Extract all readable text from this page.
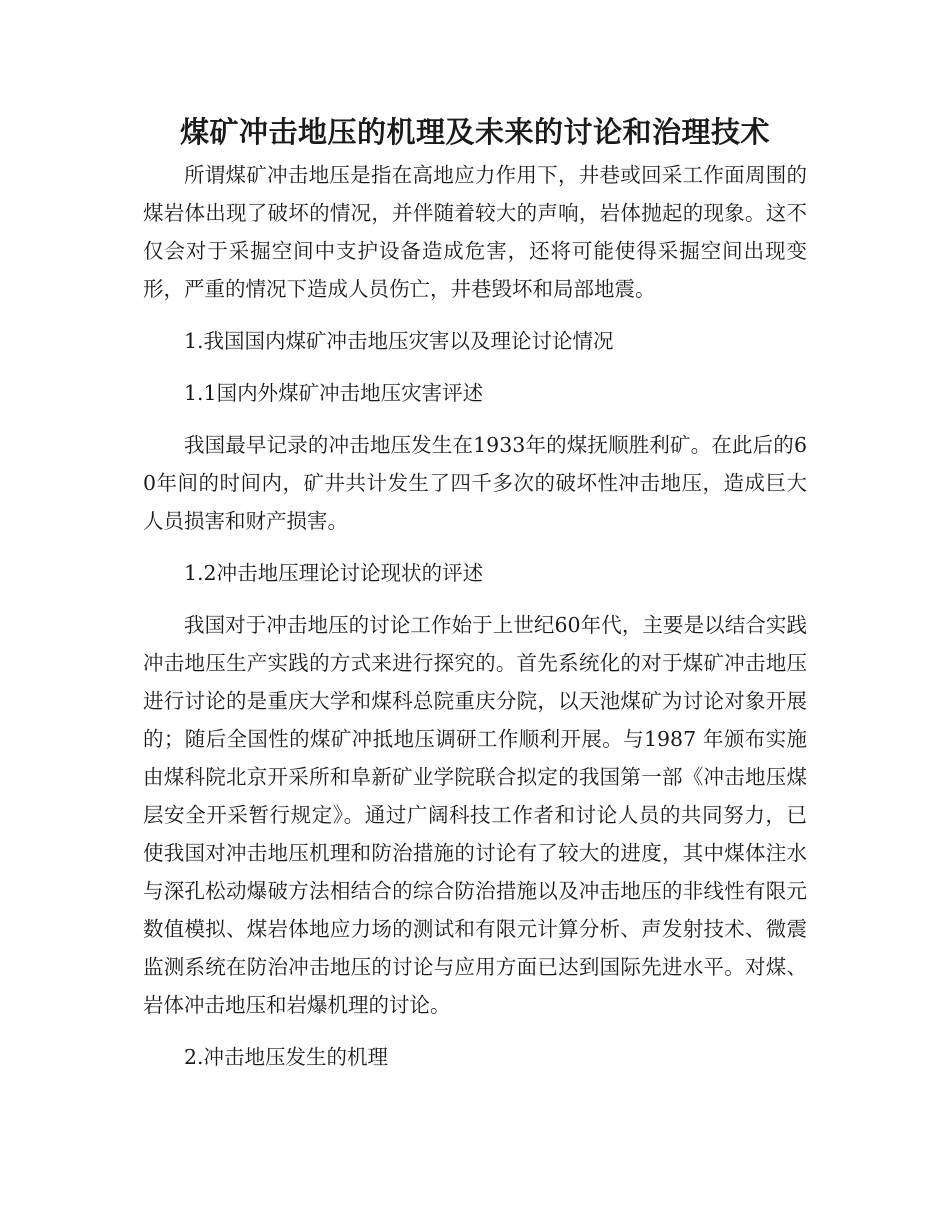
煤矿冲击地压的机理及未来的讨论和治理技术

所谓煤矿冲击地压是指在高地应力作用下，井巷或回采工作面周围的煤岩体出现了破坏的情况，并伴随着较大的声响，岩体抛起的现象。这不仅会对于采掘空间中支护设备造成危害，还将可能使得采掘空间出现变形，严重的情况下造成人员伤亡，井巷毁坏和局部地震。

1.我国国内煤矿冲击地压灾害以及理论讨论情况

1.1国内外煤矿冲击地压灾害评述

我国最早记录的冲击地压发生在1933年的煤抚顺胜利矿。在此后的60年间的时间内，矿井共计发生了四千多次的破坏性冲击地压，造成巨大人员损害和财产损害。

1.2冲击地压理论讨论现状的评述

我国对于冲击地压的讨论工作始于上世纪60年代，主要是以结合实践冲击地压生产实践的方式来进行探究的。首先系统化的对于煤矿冲击地压进行讨论的是重庆大学和煤科总院重庆分院，以天池煤矿为讨论对象开展的；随后全国性的煤矿冲抵地压调研工作顺利开展。与1987 年颁布实施由煤科院北京开采所和阜新矿业学院联合拟定的我国第一部《冲击地压煤层安全开采暂行规定》。通过广阔科技工作者和讨论人员的共同努力，已使我国对冲击地压机理和防治措施的讨论有了较大的进度，其中煤体注水与深孔松动爆破方法相结合的综合防治措施以及冲击地压的非线性有限元数值模拟、煤岩体地应力场的测试和有限元计算分析、声发射技术、微震监测系统在防治冲击地压的讨论与应用方面已达到国际先进水平。对煤、岩体冲击地压和岩爆机理的讨论。

2.冲击地压发生的机理
